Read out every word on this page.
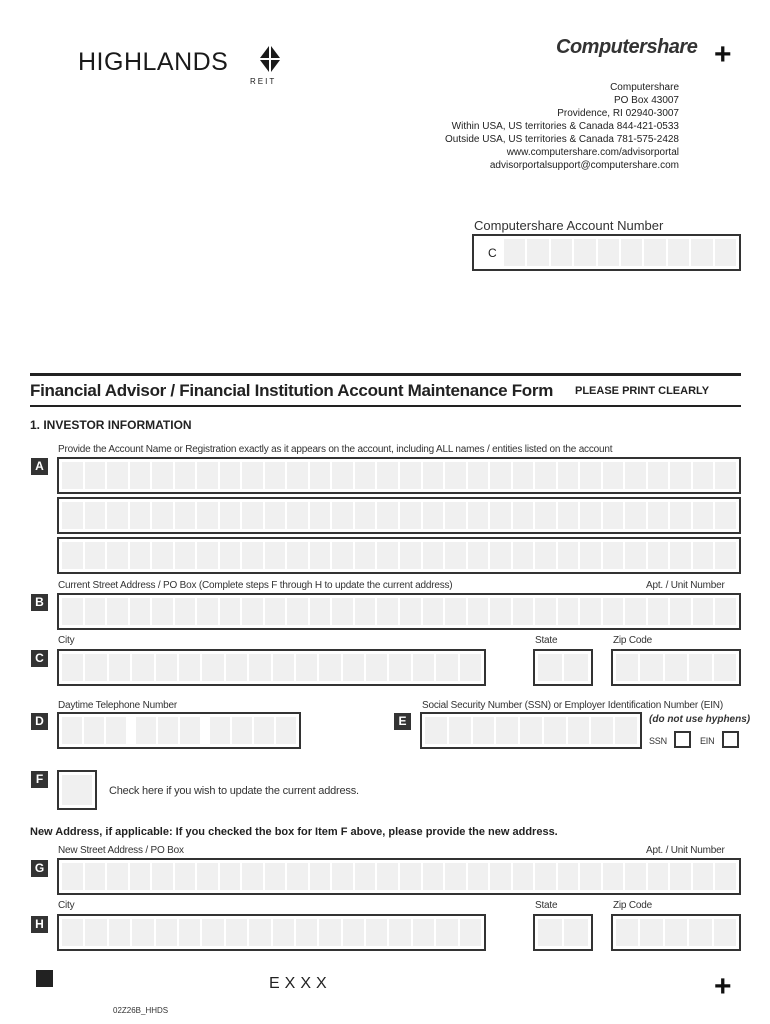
HIGHLANDS
REIT
Computershare +
Computershare
PO Box 43007
Providence, RI 02940-3007
Within USA, US territories & Canada 844-421-0533
Outside USA, US territories & Canada 781-575-2428
www.computershare.com/advisorportal
advisorportalsupport@computershare.com
Computershare Account Number
C
Financial Advisor / Financial Institution Account Maintenance Form PLEASE PRINT CLEARLY
1. INVESTOR INFORMATION
Provide the Account Name or Registration exactly as it appears on the account, including ALL names / entities listed on the account
A
Current Street Address / PO Box (Complete steps F through H to update the current address)	Apt. / Unit Number
B
City	State	Zip Code
C
Daytime Telephone Number
D
Social Security Number (SSN) or Employer Identification Number (EIN)
(do not use hyphens)
E
SSN	EIN
F
Check here if you wish to update the current address.
New Address, if applicable: If you checked the box for Item F above, please provide the new address.
New Street Address / PO Box	Apt. / Unit Number
G
City	State	Zip Code
H
EXXX	+
02Z26B_HHDS
